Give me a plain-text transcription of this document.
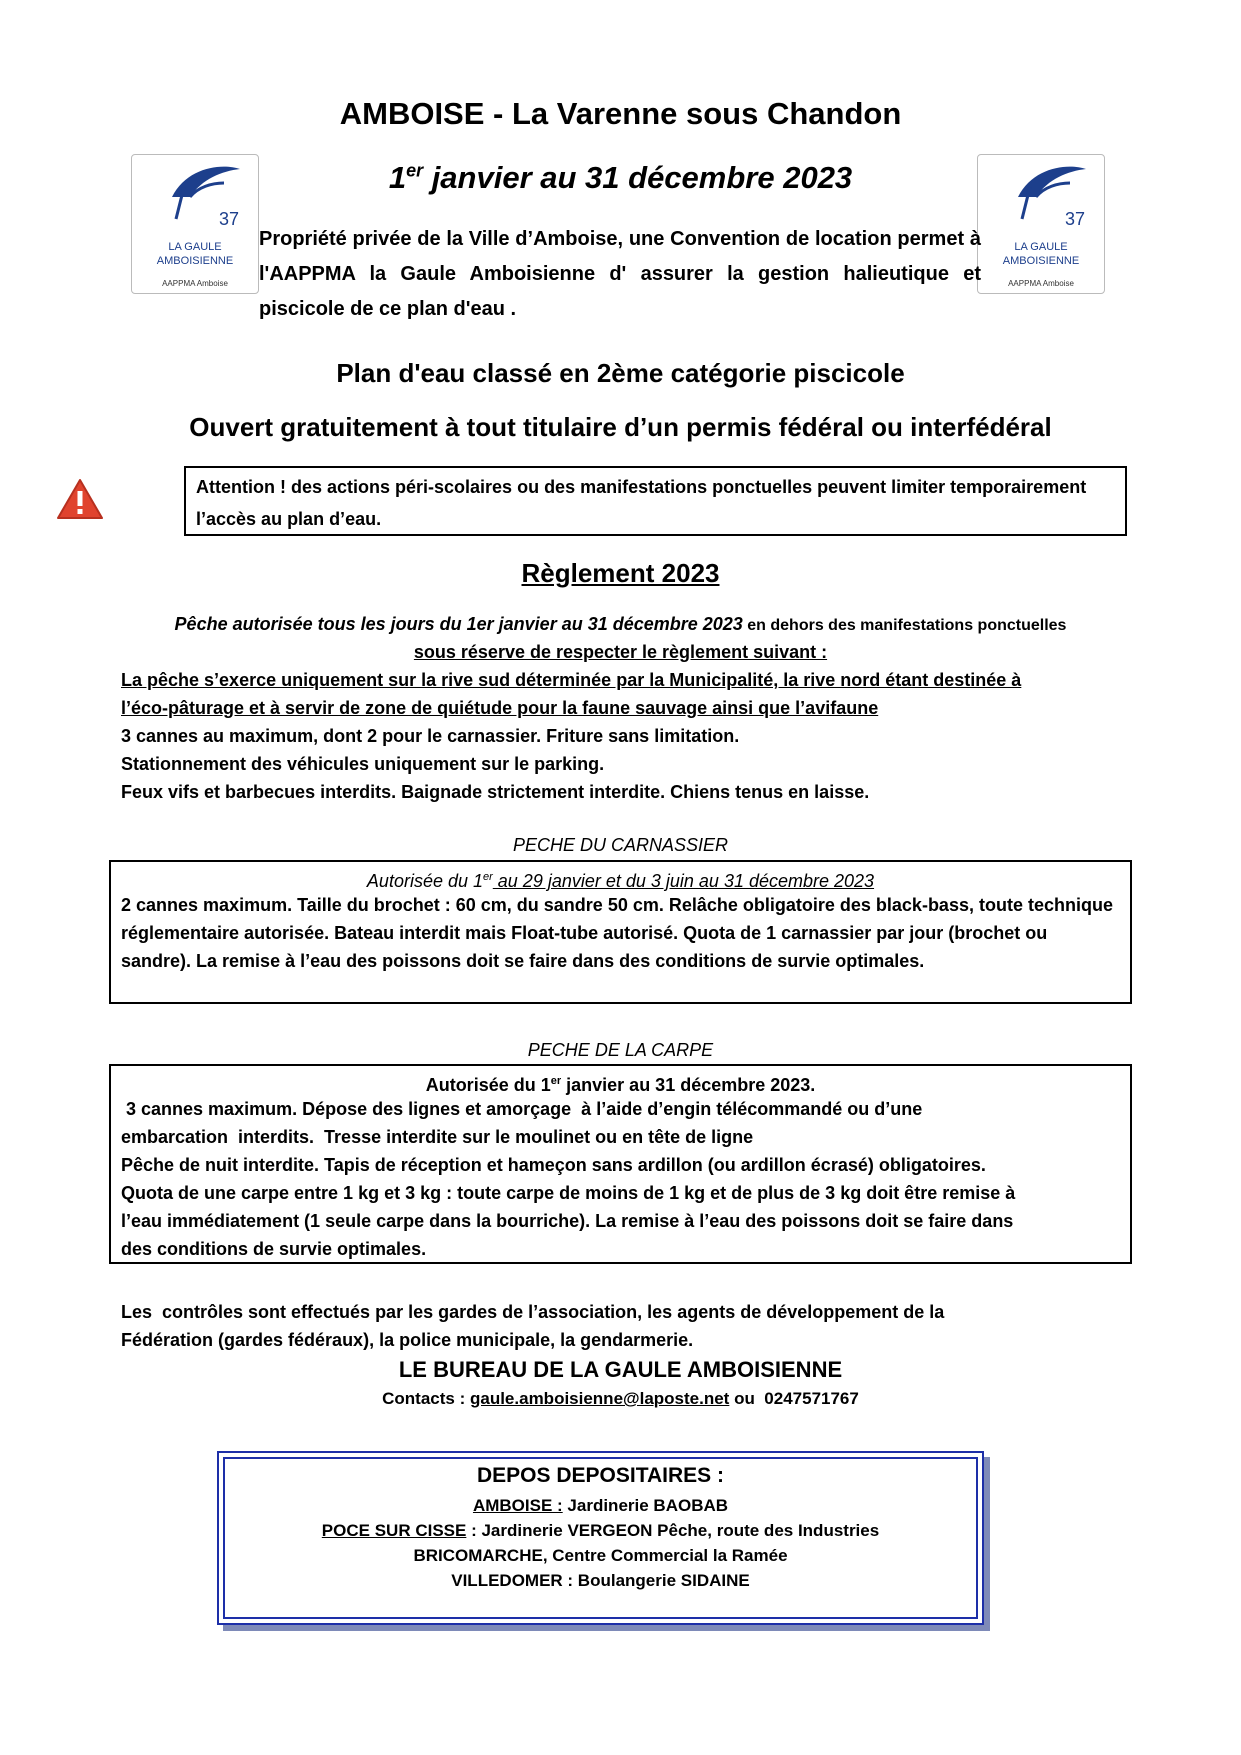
AMBOISE - La Varenne sous Chandon
1er janvier au 31 décembre 2023
37
LA GAULE
AMBOISIENNE
AAPPMA Amboise
37
LA GAULE
AMBOISIENNE
AAPPMA Amboise
Propriété privée de la Ville d’Amboise, une Convention de location permet à l'AAPPMA la Gaule Amboisienne d' assurer la gestion halieutique et piscicole de ce plan d'eau .
Plan d'eau classé en 2ème catégorie piscicole
Ouvert gratuitement à tout titulaire d’un permis fédéral ou interfédéral
Attention ! des actions péri-scolaires ou des manifestations ponctuelles peuvent limiter temporairement l’accès au plan d’eau.
Règlement 2023
Pêche autorisée tous les jours du 1er janvier au 31 décembre 2023 en dehors des manifestations ponctuelles
sous réserve de respecter le règlement suivant :
La pêche s’exerce uniquement sur la rive sud déterminée par la Municipalité, la rive nord étant destinée à
l’éco-pâturage et à servir de zone de quiétude pour la faune sauvage ainsi que l’avifaune
3 cannes au maximum, dont 2 pour le carnassier. Friture sans limitation.
Stationnement des véhicules uniquement sur le parking.
Feux vifs et barbecues interdits. Baignade strictement interdite. Chiens tenus en laisse.
PECHE DU CARNASSIER
Autorisée du 1er au 29 janvier et du 3 juin au 31 décembre 2023
2 cannes maximum. Taille du brochet : 60 cm, du sandre 50 cm. Relâche obligatoire des black-bass, toute technique réglementaire autorisée. Bateau interdit mais Float-tube autorisé. Quota de 1 carnassier par jour (brochet ou sandre). La remise à l’eau des poissons doit se faire dans des conditions de survie optimales.
PECHE DE LA CARPE
Autorisée du 1er janvier au 31 décembre 2023.
3 cannes maximum. Dépose des lignes et amorçage  à l’aide d’engin télécommandé ou d’une
embarcation  interdits.  Tresse interdite sur le moulinet ou en tête de ligne
Pêche de nuit interdite. Tapis de réception et hameçon sans ardillon (ou ardillon écrasé) obligatoires.
Quota de une carpe entre 1 kg et 3 kg : toute carpe de moins de 1 kg et de plus de 3 kg doit être remise à
l’eau immédiatement (1 seule carpe dans la bourriche). La remise à l’eau des poissons doit se faire dans
des conditions de survie optimales.
Les  contrôles sont effectués par les gardes de l’association, les agents de développement de la
Fédération (gardes fédéraux), la police municipale, la gendarmerie.
LE BUREAU DE LA GAULE AMBOISIENNE
Contacts : gaule.amboisienne@laposte.net ou  0247571767
DEPOS DEPOSITAIRES :
AMBOISE : Jardinerie BAOBAB
POCE SUR CISSE : Jardinerie VERGEON Pêche, route des Industries
BRICOMARCHE, Centre Commercial la Ramée
VILLEDOMER : Boulangerie SIDAINE
